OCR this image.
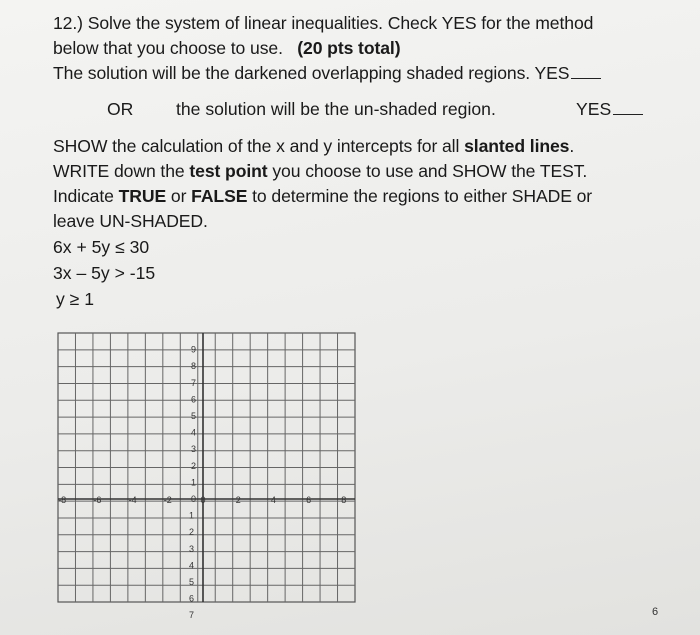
12.) Solve the system of linear inequalities. Check YES for the method
below that you choose to use. (20 pts total)
The solution will be the darkened overlapping shaded regions. YES
OR the solution will be the un-shaded region.	YES
SHOW the calculation of the x and y intercepts for all slanted lines.
WRITE down the test point you choose to use and SHOW the TEST.
Indicate TRUE or FALSE to determine the regions to either SHADE or
leave UN-SHADED.
6x + 5y ≤ 30
3x – 5y > -15
y ≥ 1
-8	-6	-4	-2	0	2	4	6	8
9
8
7
6
5
4
3
2
1
0
1
2
3
4
5
6
7	6
